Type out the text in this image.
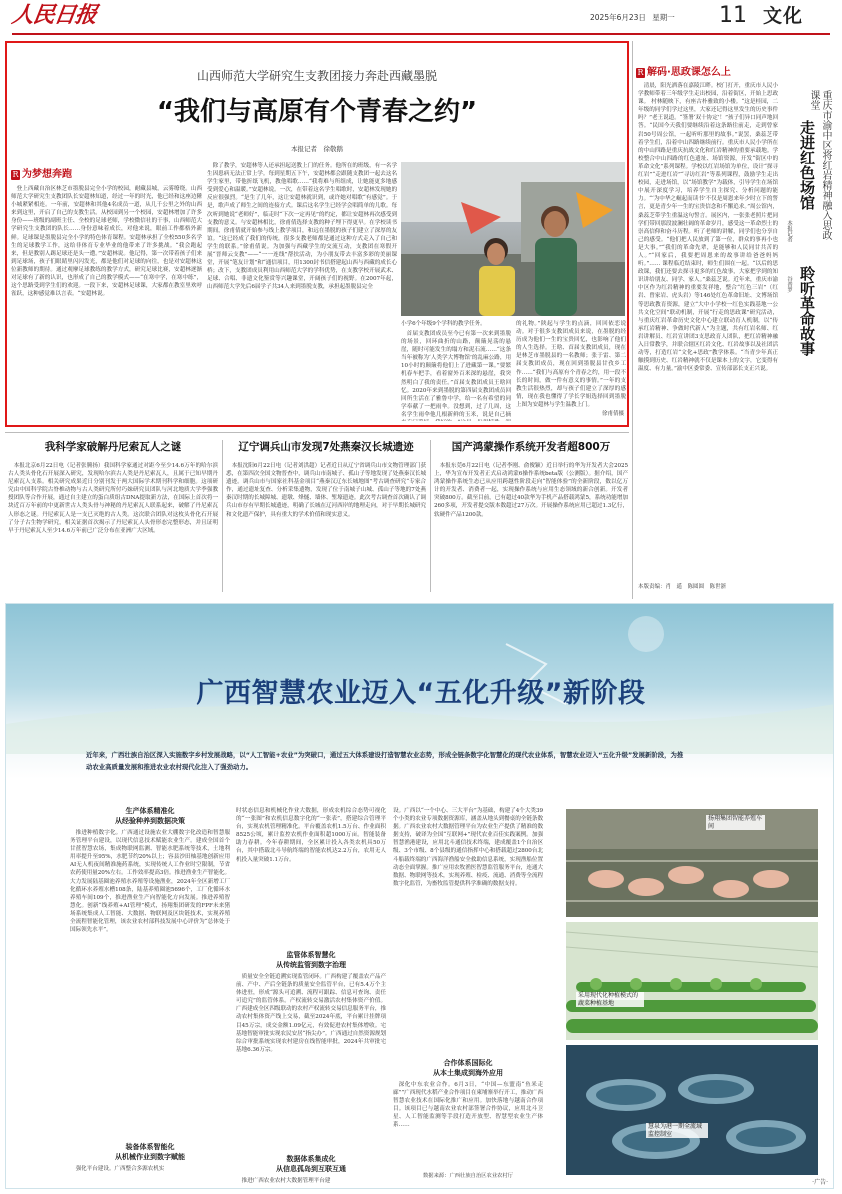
人民日报	2025年6月23日 星期一 11 文化
山西师范大学研究生支教团接力奔赴西藏墨脱
“我们与高原有个青春之约”
本报记者　徐敬鹅
R 为梦想奔跑
登上西藏自治区林芝市墨脱县完全小学的校园，耐藏县城，云雾缭绕。山西师范大学研究生支教团队长安超林知道，经过一年的时光，他已经和这座边陲小城紧紧相连。一年前，安超林和其他4名成员一道，从几千公里之外的山西来到这里，开启了自己的支教生活。从校园到另一个校园，安超林增加了许多身份——班级的副班主任、全校的足球老师，学校微信社的干事，山西师范大学研究生支教团的队长……身份意味着成长，对他来说，眼前工作都格外新鲜。足球课是墨脱县完全小学的特色体育课程。安超林承担了全校550多名学生的足球教学工作，这给非体育专业毕业的他带来了许多挑战。“我会跑起来，但是教别人踢足球还是头一遭。”安超林说。他记得，第一次带着孩子们来到足球场，孩子们眼睛里闪闪发光，都是他们对足球的向往，也是对安超林这位新教师的期待。通过观摩足球教练的教学方式，研究足球比赛，安超林逐渐对足球有了新的认识，也形成了自己的教学模式——“在寒中学，在寒中练”，这个思路受到学生们的欢迎。一段下来，安超林足球课，大家都在教室里欢呼雀跃，这种感觉难以言表。“安超林说。
除了教学，安超林等人还承担起送教上门的任务。他所在的班级，有一名学生因患病无法正常上学。每到星期五下午，安超林都会跟随支教团一起去这名学生家里，带他折纸飞机，教他唱歌……“我将难与所组成，让她能更多地感受到爱心和温暖。”安超林说。一次，在带着这名学生唱歌时，安超林发现她的反应很强烈。“是生了几年，这让安超林就识到，或许她对唱歌“有感觉”。于是，歌声成了师生之间的连接方式。课后这名学生已经学会唱简单的儿歌。每次听到她说“老师好”，临走时“下次一定再见”的约定，都让安超林再次感受到支教的意义。与安超林相比，徐甫倩选择支教的种子埋下得更早。在学校读书期间，徐甫倩就开始参与线上教学项目，和远在墨脱的孩子们建立了深厚的友谊。“这已经成了我们的传统，很多支教老师都是通过这种方式走入了自己和学生的联系。”徐甫倩说。为加强与西藏学生的交流互动，支教团在寒假开展“晋师云支教”——“一一连线”帮扶活动，为小朋友带去丰富多彩的美丽课堂，开展“笔友计划”和“通信项目，用1300封书信搭建起山西与西藏的成长心桥；改下，支教团成员利用山西师范大学的学科优势，在支教学校开展武术、足球、合唱、非遗文化鉴赏等兴趣课堂，开阔孩子们的视野。在2007年起，山西师范大学先后6届学子共34人来到墨脱支教，承担起墨脱县完全
小学6个年级9个学科的教学任务。
首届支教团成员至今已有第一次来到墨脱的场景，回环曲折的山路，颠簸晃荡的悬崖，随时可能发生的塌方和泥石流……“这条当年被称为‘人类学大博物馆’的乱麻公路，用10小时的颠簸将他们上了进藏第一课。”要繁机春车把手，看着窗外百米深的悬崖，我突然明白了我的责任。”首届支教团成员王晗回忆。2020年来到墨脱的第四届支教团成员回回所生活在了雅鲁中学，给一名有希望的同学奉献了一把雨伞。没想到，过了几周，这名学生雨伞他几根新鲜的玉米，说是自己摘
的礼物。”陕起与学生的点滴，回回依恋说动。对于很多支教团成员来说，在墨脱的经历成为他们一生的宝贵回忆，也影响了他们的人生选择。王晗、首届支教团成员，现在是林芝市墨脱县的一名教师；张于雷、第二届支教团成员，现在回到墨脱县甘孜乡工作……“我们与高原有个青春之约，用一段不长的时间，做一件有意义的事情。”一年的支教生活很热烈，却与孩子们建立了深厚的感情，现在我也懂得了学长学姐选择回到墨脱
上图为安超林与学生温教上门。
徐甫倩摄
R 解码·思政课怎么上
清晨，阳光洒落在嘉陵江畔。校门打开，重庆市人民小学教师带着三年级学生走出校园，沿着街区，开始上思政课。 村林随映下，有座古朴雅致的小楼。“这是桂园，二年级的同学们学过这里，大家还记得这里发生的历史事件吗？”老王说道。“签署‘双十协定’！”孩子们异口同声地回答。“民国今天我们要继续沿着这条路往前走，走到曾家岩50号周公馆，一起听听那里的故事。”说罢，桑蕊芝带着学生们，沿着中山四路继续前行。重庆市人民小学所在的中山四路是重庆抗战文化和红岩精神的重要承载地。学校整合中山四路的红色遗址、场馆资源，开发“街区中的革命文化”系列课程。学校以红岩场馆为单位，设计“探寻红岩”“走进红岩”“寻访红岩”等系列课程，鼓励学生走出校园，走进场馆，以“场馆教学”为载体，引导学生在场馆中展开深度学习，培养学生自主探究、分析问题的能力。“‘为中华之崛起而读书’不仅是周恩来年少时立下的誓言，更是青少年一生的宝贵信念和不懈追求。”周公馆内，桑蕊芝带学生重温这句誓言。展区内，一张张老照片把同学们带回那段波澜壮阔的革命岁月，感受这一革命烈士的崇高信仰和奋斗历程。听了老师的讲解，同学们也分享自己的感受。“他们把人民放到了第一位，群众的事再小也是大事。”“我们的革命先辈，是能够和人民同甘共苦的人。”“回家后，我要把周恩来的故事讲给爸爸妈妈听。”…… 课程临近结束时，师生们围在一起。“以后的思政课，我们还要去探寻更多的红色故事，大家把学到的知识讲给朋友、同学、家人。”桑蕊芝说。近年来，重庆市渝中区作为红岩精神的重要发祥地，整合“红色三岩”（红岩、曾家岩、虎头岩）等146处红色革命旧址、文博场馆等思政教育资源，建立“大中小学校一红色实践基地一公共文化空间”联动机制，开展“行走的思政课”研究活动，与重庆红岩革命历史文化中心建立联动育人机制，以“传承红岩精神、争做时代新人”为主题，共有红岩名师、红岩讲解员、红岩宣讲团3支思政育人团队，把红岩精神融入日常教学，并联合辖区红岩文化、红岩故事以及社团活动等，打造红岩“文化+思政”教学体系。“当青少年真正触摸到历史、红岩精神就不仅是课本上的文字，它变得有温度、有力量。”渝中区委常委、宣传部部长支正兴说。
重庆市渝中区将红岩精神融入思政课堂
走进红色场馆
聆听革命故事
本报记者
谷普罗
本版责编：肖　遥　陈圆圆　陈世浙
我科学家破解丹尼索瓦人之谜
本报北京6月22日电（记者张腾扬）我国科学家通过对距今至少14.6万年的哈尔滨古人类头骨化石开展深入研究，发现哈尔滨古人类是丹尼索瓦人，且属于已知早期丹尼索瓦人支系。相关研究成果近日分别刊发于两大国际学术期刊科学和细胞。这项研究由中国科学院古脊椎动物与古人类研究所付巧妹研究员团队与河北地质大学季强教授团队等合作开展，通过自主建立的蛋白质组古DNA提取新方法，在国际上首次将一块近百万年前的中更新世古人类头骨与神秘的丹尼索瓦人联系起来，破解了丹尼索瓦人形态之谜。丹尼索瓦人是一支已灭绝的古人类。这次联合团队对这枚头骨化石开展了分子古生物学研究，相关证据首次揭示了丹尼索瓦人头骨形态完整形态，并且证明早于丹尼索瓦人至少14.6万年前已广泛分布在亚洲广大区域。
辽宁调兵山市发现7处燕秦汉长城遗迹
本报沈阳6月22日电（记者刘洪超）记者近日从辽宁省调兵山市文物管理部门获悉，在第四次全国文物普查中，调兵山市南城子、孤山子等地发现了处燕秦汉长城遗迹。调兵山市与国家社科基金项目“燕秦汉辽东长城地图”考古调查研究“专家合作，通过遗址复查、分析采集遗物，发现了位于南城子山城、孤山子等地的7处燕秦汉时期的长城障城、遗墩、烽燧、墙体、堑壕遗迹。此次考古调查首次确认了调兵山市存有早期长城遗迹，明确了长城在辽河西岸的地理走向，对于早期长城研究和文化遗产保护，具有重大的学术价值和现实意义。
国产鸿蒙操作系统开发者超800万
本报东莞6月22日电（记者李刚、俞俊颖）近日举行的华为开发者大会2025上，华为宣布开发者正式启动鸿蒙6操作系统beta版（公测版）。据介绍，国产鸿蒙操作系统生态已从应用跨越性阶段走向“智能体验”的全新阶段，数以亿万计的开发者、消费者一起，实现操作系统与应用生态领域的新合创新。开发者突破800万。截至目前，已有超过40款华为手机产品搭载鸿蒙5，系统功能增加260多项，开发者提交版本数超过27万次。开展操作系统应用已超过1.3亿行，软硬件产品1200款。
广西智慧农业迈入“五化升级”新阶段
近年来，广西壮族自治区深入实施数字乡村发展战略，以“人工智能+农业”为突破口，通过五大体系建设打造智慧农业态势，形成全链条数字化智慧化的现代农业体系，智慧农业迈入“五化升级”发展新阶段，为推动农业高质量发展和推进农业农村现代化注入了强劲动力。
生产体系精准化
从经验种养到数据决策
推进种植数字化。广西通过设施农业大棚数字化改造和智慧服务管理平台建设，以现代信息技术赋能农业生产。建成全国首个甘蔗智慧农场，集成物联网监测、智能水肥系统等技术，土地利用率提升至95%，水肥节约20%以上；容县沙田柚基地创新应用AI无人机夜间精准施药系统，实现传统人工作业时空限制，节省农药使用量20%左右。工作效率提高3倍。推进渔业生产智能化。大力发展陆基圈池养殖水养殖等设施渔业，2024年全区新增工厂化循环水养殖水槽108条，陆基养殖圈池5696个，工厂化循环水养殖车间109个，推进渔业生产向智能化方向发展。推进养殖智慧化。创新“线养殖+AI管理”模式，扬翔集团研发的FPF未来猪场系统集成人工智能、大数据、物联网及区块链技术，实现养殖全流程智能化管理，该农业农村部科技发展中心评价为“总体处于国际领先水平”。
装备体系智能化
从机械作业到数字赋能
强化平台建设。广西整合多源农机实
时状态信息和机械化作业大数据，形成农机综合态势可视化的“一张图”和农机信息数字化的“一张表”，搭建综合管理平台，实现农机管理精准化。平台覆盖农机1.5万台、作业面积8525公顷，累计监控农机作业面积超1000万亩。智能装备助力春耕。今年春耕期间，全区累计投入各类农机具50万台，其中搭载北斗导航终端的智能农机达2.2万台，农用无人机投入量突破1.1万台。
监管体系智慧化
从传统监管到数字治理
质量安全全链追溯实现监管闭环。广西构建了覆盖农产品产前、产中、产后全链条的质量安全监管平台，已有5.4万个主体进驻，形成“源头可追溯、流程可跟踪、信息可查询、责任可追究”的监管体系。产权流转交易激活农村集体资产价值。广西建成全区四级联动的农村产权流转交易信息服务平台，推动农村集体资产线上交易，截至2024年底，平台累计挂牌项目45万宗，成交金额1.09亿元，有效促进农村集体增收。宅基地智能审批实现农民安居“指尖办”。广西通过自然资源规划综合审批系统实现农村建房在线智能审批，2024年共审批宅基地6.36万宗。
数据体系集成化
从信息孤岛到互联互通
推进广西农业农村大数据管理平台建
设。广西以“一个中心、三大平台”为基础，构建了4个大类39个小类的农业专项数据资源库，涵盖从地头到餐桌的全链条数据。广西农业农村大数据管理平台为农业生产提供了精准的数据支持，破译为全国“互联网+”现代农业百佳实践案例。加强智慧渔港建设，应用北斗通信技术终端，建成覆盖1个自治区级、3个市级、8个县级的通信指挥中心和搭载超过2800台北斗船载终端的广西海洋渔船安全救助信息系统，实现渔船位置动态全面掌握。推广应用农牧渔医智慧监管服务平台，连通大数据、物联网等技术，实现养殖、检疫、流通、消费等全流程数字化监管，为畜牧监管提供科学准确的数据支持。
合作体系国际化
从本土集成到海外应用
深化中东农业合作。6月3日，“中国—东盟南“鱼米走廊””广西现代水稻产业合作项目在柬埔寨举行开工，推动广西智慧农业技术在国际化推广和应用。加快落地与越南合作项目。该项目已与越南农业农村部签署合作协议，应用北斗卫星、人工智能监测等手段打造开放型、智慧型农业生产体系……
数据来源：广西壮族自治区农业农村厅
扬翔集团智能养殖车间
采用现代化种植模式的蔬菜种植基地
慧泉为港一期全流域监控制室
·广告·
